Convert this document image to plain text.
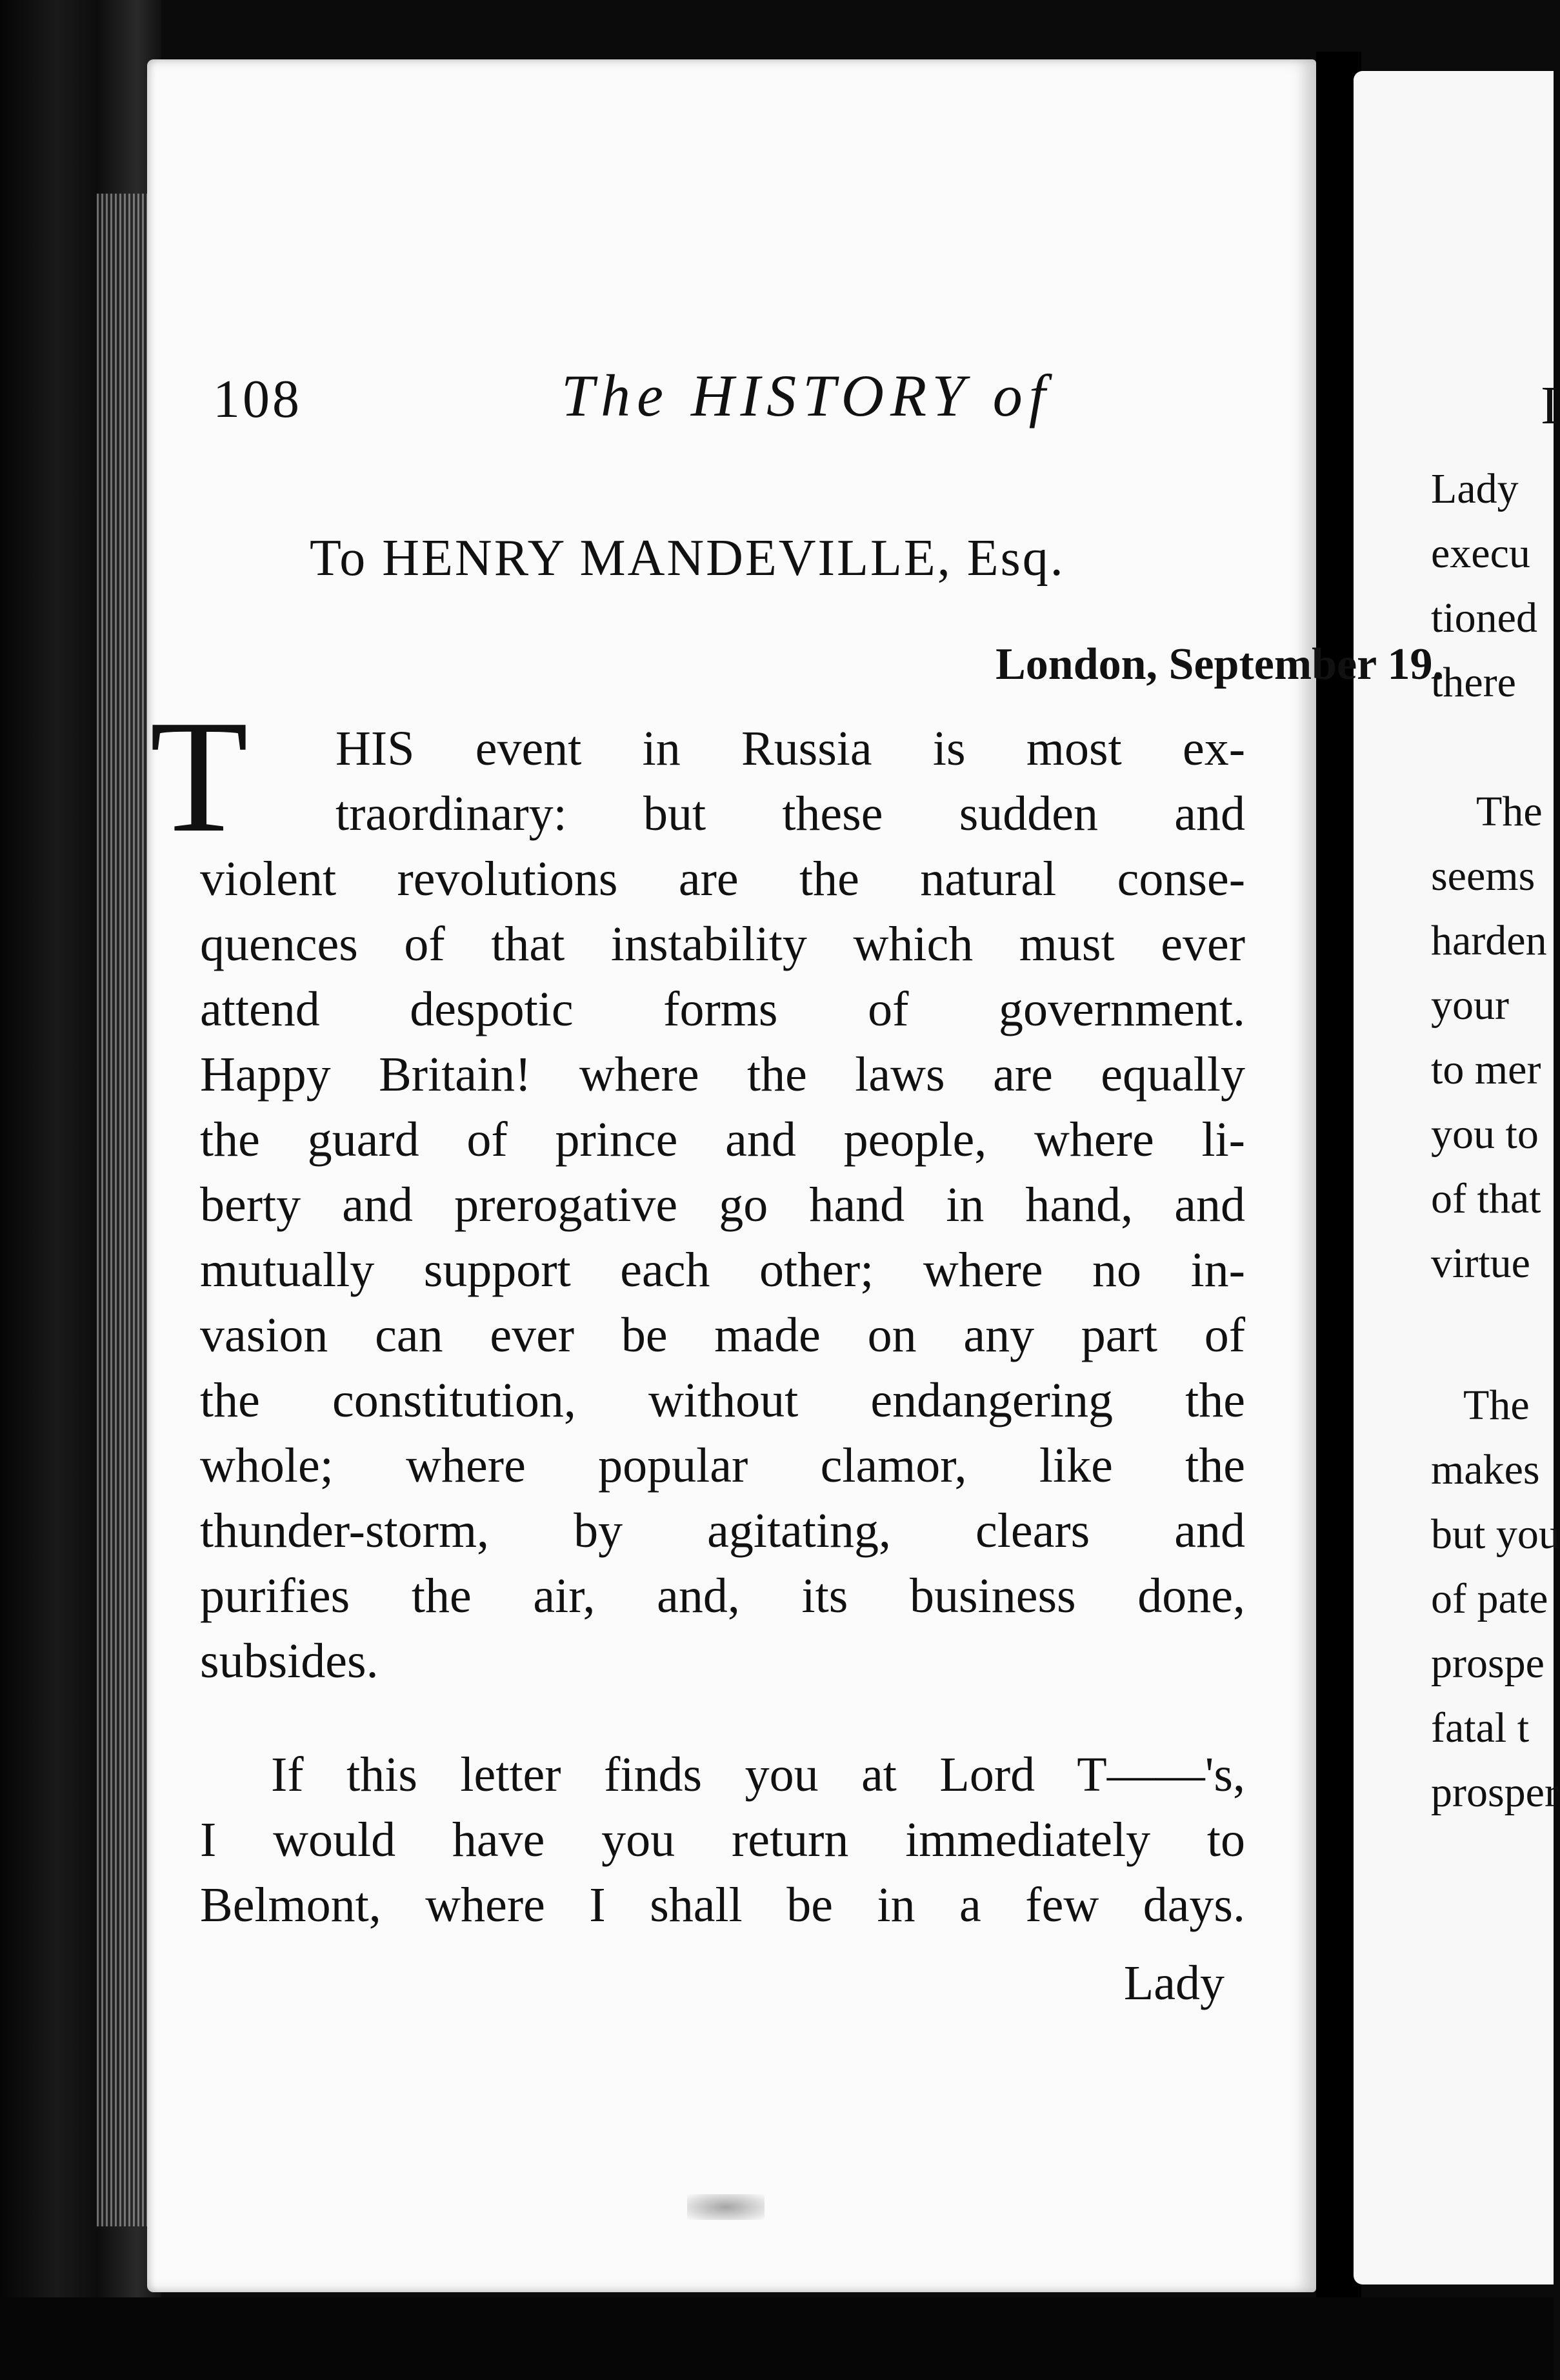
I
Lady
execu
tioned
there
The
seems
harden
your
to mer
you to
of that
virtue
The
makes
but you
of pate
prospe
fatal t
prosper
108	The HISTORY of
To HENRY MANDEVILLE, Esq.
London, September 19.
T HIS event in Russia is most ex-
traordinary: but these sudden and
violent revolutions are the natural conse-
quences of that instability which must ever
attend despotic forms of government.
Happy Britain! where the laws are equally
the guard of prince and people, where li-
berty and prerogative go hand in hand, and
mutually support each other; where no in-
vasion can ever be made on any part of
the constitution, without endangering the
whole; where popular clamor, like the
thunder-storm, by agitating, clears and
purifies the air, and, its business done,
subsides.
If this letter finds you at Lord T——'s,
I would have you return immediately to
Belmont, where I shall be in a few days.
Lady
